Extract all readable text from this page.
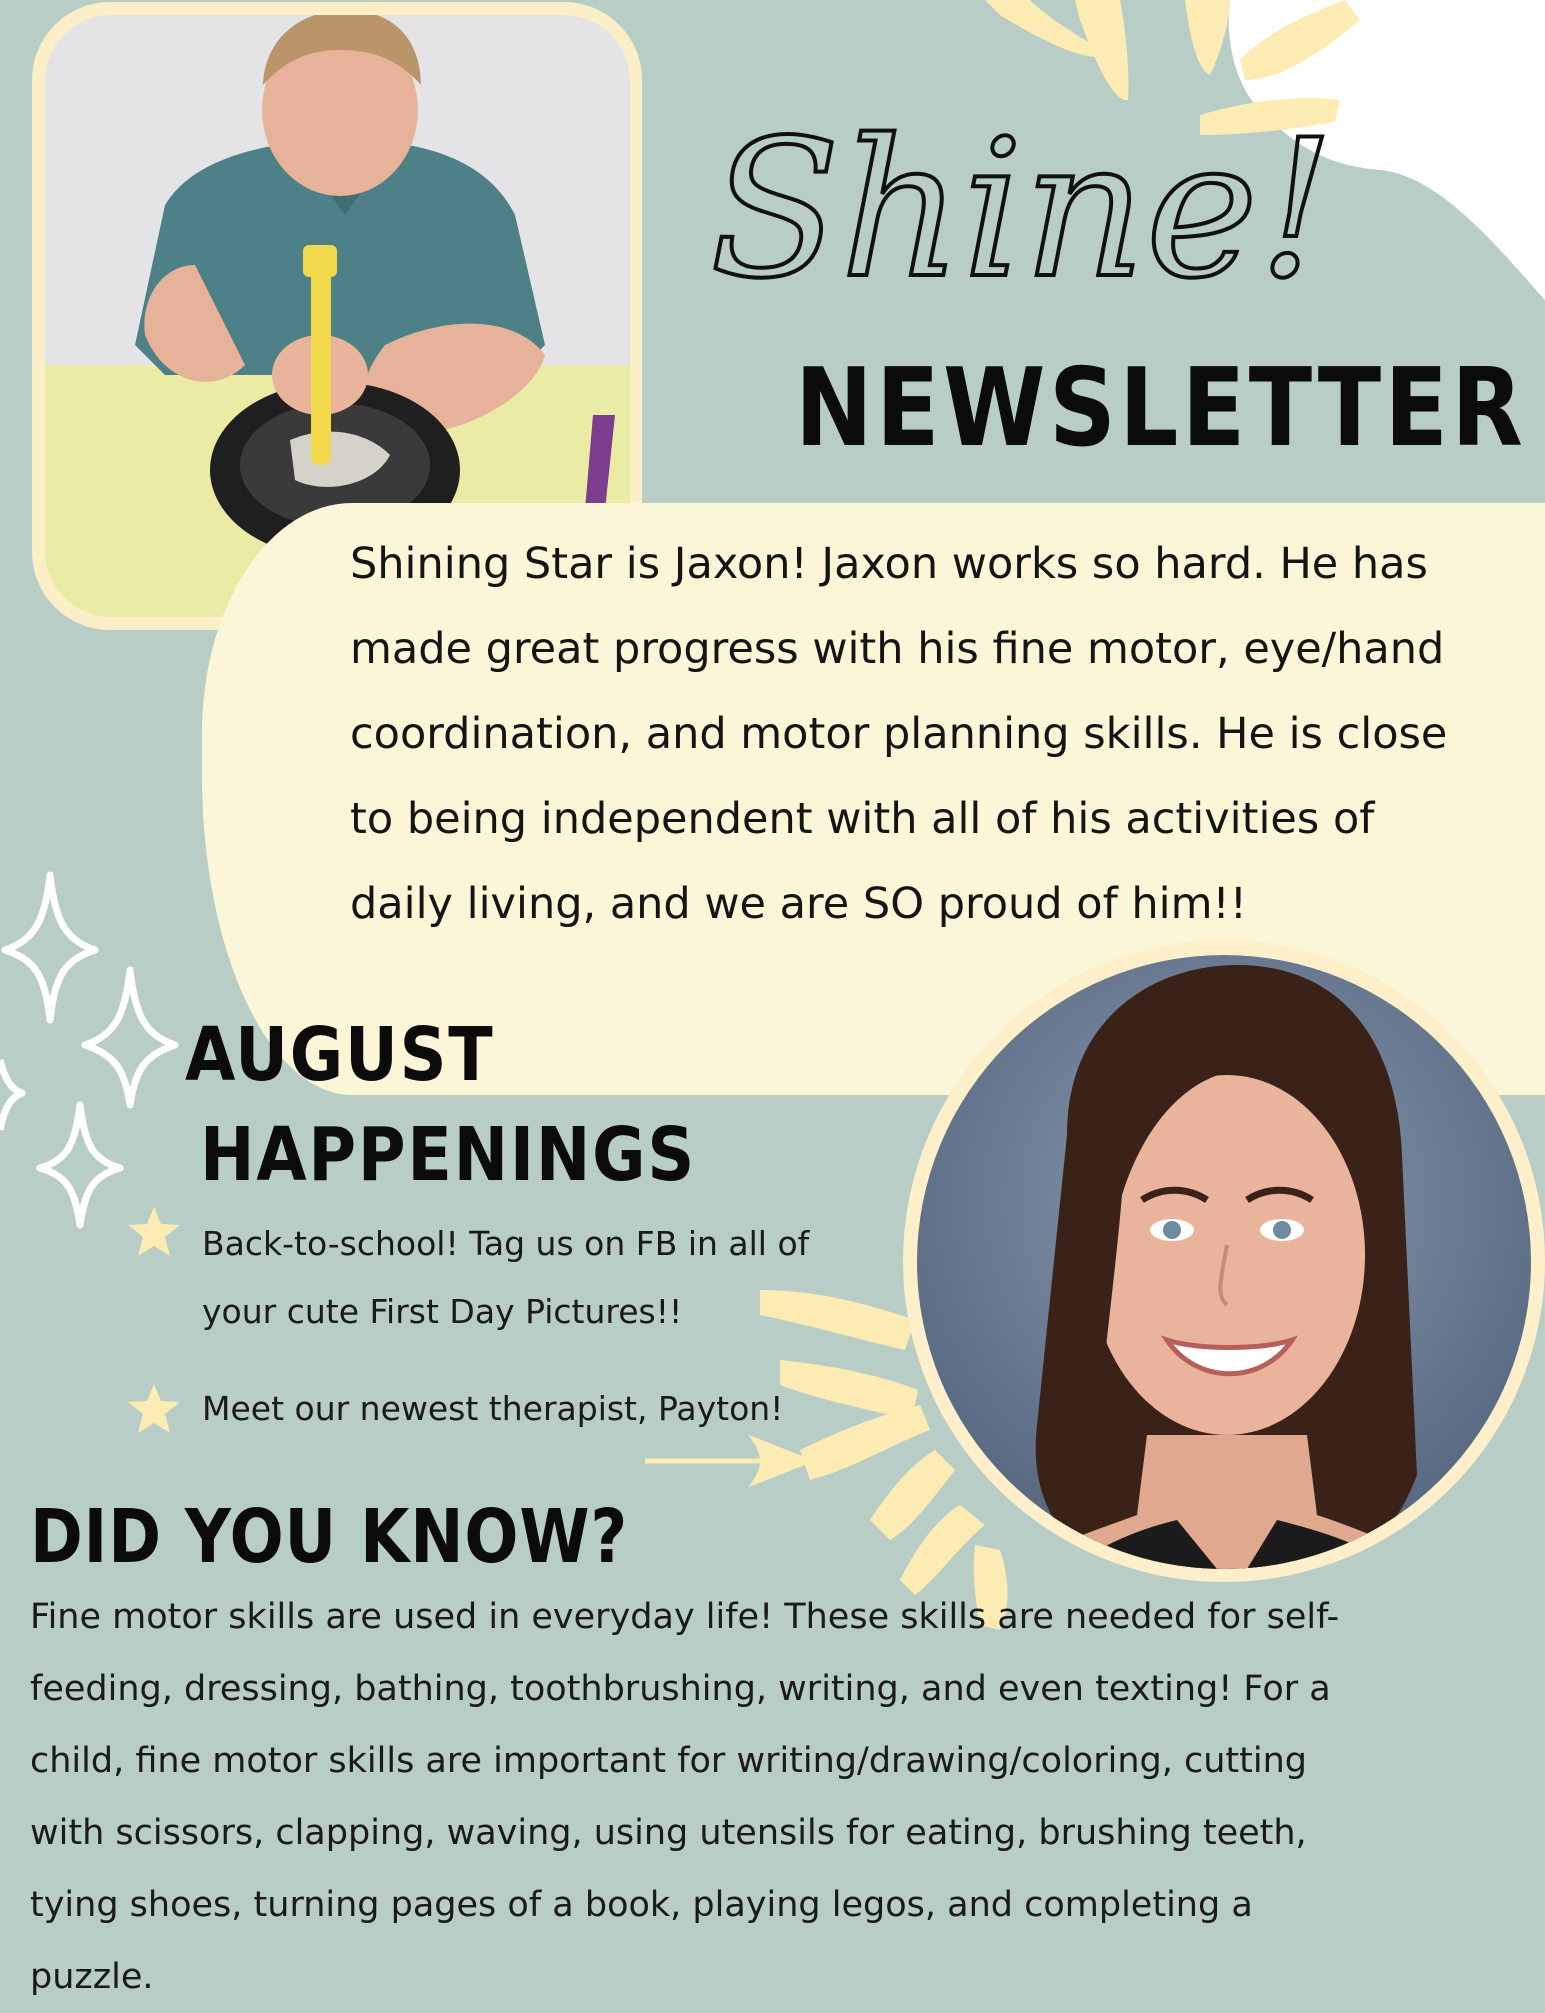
Shine!
NEWSLETTER
Shining Star is Jaxon! Jaxon works so hard. He has
made great progress with his fine motor, eye/hand
coordination, and motor planning skills. He is close
to being independent with all of his activities of
daily living, and we are SO proud of him!!
AUGUST
HAPPENINGS
Back-to-school! Tag us on FB in all of
your cute First Day Pictures!!
Meet our newest therapist, Payton!
DID YOU KNOW?
Fine motor skills are used in everyday life! These skills are needed for self-
feeding, dressing, bathing, toothbrushing, writing, and even texting! For a
child, fine motor skills are important for writing/drawing/coloring, cutting
with scissors, clapping, waving, using utensils for eating, brushing teeth,
tying shoes, turning pages of a book, playing legos, and completing a
puzzle.
